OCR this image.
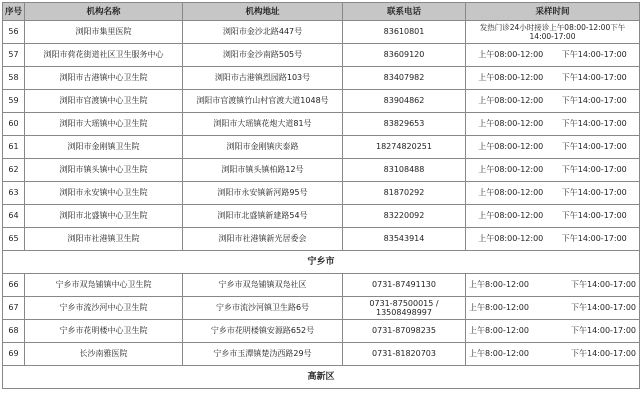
序号	机构名称	机构地址	联系电话	采样时间
56	浏阳市集里医院	浏阳市金沙北路447号	83610801	发热门诊24小时接诊上午08:00-12:00下午14:00-17:00
57	浏阳市荷花街道社区卫生服务中心	浏阳市金沙南路505号	83609120	上午08:00-12:00 下午14:00-17:00

58	浏阳市古港镇中心卫生院	浏阳市古港镇烈园路103号	83407982	上午08:00-12:00 下午14:00-17:00

59	浏阳市官渡镇中心卫生院	浏阳市官渡镇竹山村官渡大道1048号	83904862	上午08:00-12:00 下午14:00-17:00

60	浏阳市大瑶镇中心卫生院	浏阳市大瑶镇花炮大道81号	83829653	上午08:00-12:00 下午14:00-17:00

61	浏阳市金刚镇卫生院	浏阳市金刚镇庆泰路	18274820251	上午08:00-12:00 下午14:00-17:00

62	浏阳市镇头镇中心卫生院	浏阳市镇头镇柏路12号	83108488	上午08:00-12:00 下午14:00-17:00

63	浏阳市永安镇中心卫生院	浏阳市永安镇新河路95号	81870292	上午08:00-12:00 下午14:00-17:00

64	浏阳市北盛镇中心卫生院	浏阳市北盛镇新建路54号	83220092	上午08:00-12:00 下午14:00-17:00

65	浏阳市社港镇卫生院	浏阳市社港镇新光居委会	83543914	上午08:00-12:00 下午14:00-17:00

宁乡市				
66	宁乡市双凫铺镇中心卫生院	宁乡市双凫铺镇双凫社区	0731-87491130	上午8:00-12:00 下午14:00-17:00

67	宁乡市流沙河中心卫生院	宁乡市流沙河镇卫生路6号	0731-87500015 / 13508498997	上午8:00-12:00 下午14:00-17:00

68	宁乡市花明楼中心卫生院	宁乡市花明楼镇安源路652号	0731-87098235	上午8:00-12:00 下午14:00-17:00

69	长沙南雅医院	宁乡市玉潭镇楚沩西路29号	0731-81820703	上午8:00-12:00 下午14:00-17:00

高新区				
